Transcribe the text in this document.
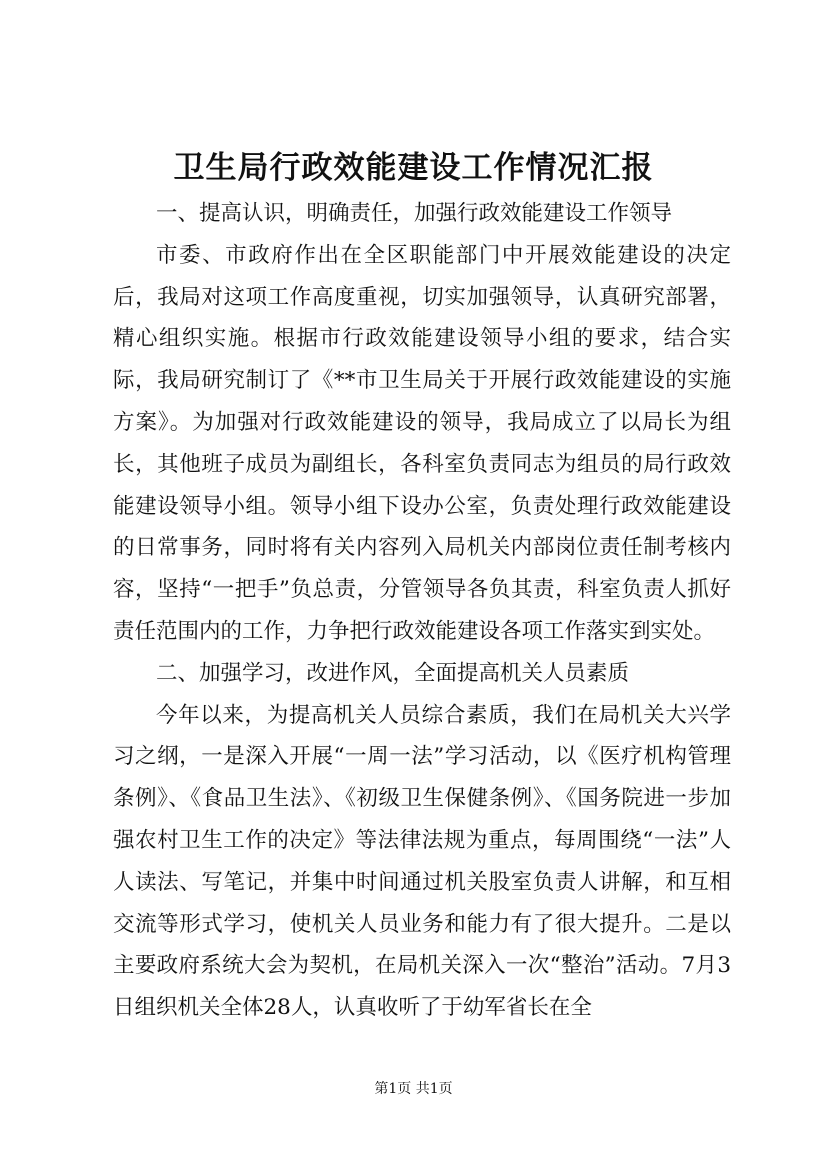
卫生局行政效能建设工作情况汇报

一、提高认识，明确责任，加强行政效能建设工作领导

市委、市政府作出在全区职能部门中开展效能建设的决定后，我局对这项工作高度重视，切实加强领导，认真研究部署，精心组织实施。根据市行政效能建设领导小组的要求，结合实际，我局研究制订了《**市卫生局关于开展行政效能建设的实施方案》。为加强对行政效能建设的领导，我局成立了以局长为组长，其他班子成员为副组长，各科室负责同志为组员的局行政效能建设领导小组。领导小组下设办公室，负责处理行政效能建设的日常事务，同时将有关内容列入局机关内部岗位责任制考核内容，坚持“一把手”负总责，分管领导各负其责，科室负责人抓好责任范围内的工作，力争把行政效能建设各项工作落实到实处。

二、加强学习，改进作风，全面提高机关人员素质

今年以来，为提高机关人员综合素质，我们在局机关大兴学习之纲，一是深入开展“一周一法”学习活动，以《医疗机构管理条例》、《食品卫生法》、《初级卫生保健条例》、《国务院进一步加强农村卫生工作的决定》等法律法规为重点，每周围绕“一法”人人读法、写笔记，并集中时间通过机关股室负责人讲解，和互相交流等形式学习，使机关人员业务和能力有了很大提升。二是以主要政府系统大会为契机，在局机关深入一次“整治”活动。7月3日组织机关全体28人，认真收听了于幼军省长在全

第1页 共1页
